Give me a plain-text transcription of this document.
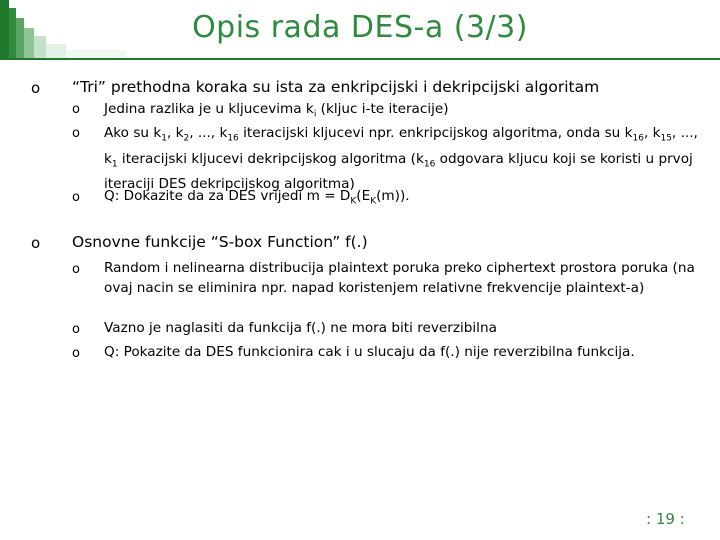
Opis rada DES-a (3/3)
o “Tri” prethodna koraka su ista za enkripcijski i dekripcijski algoritam
o Jedina razlika je u kljucevima $k_i$ (kljuc i-te iteracije)
o Ako su $k_1$, $k_2$, ..., $k_{16}$ iteracijski kljucevi npr. enkripcijskog algoritma, onda su $k_{16}$, $k_{15}$, ..., $k_1$ iteracijski kljucevi dekripcijskog algoritma ($k_{16}$ odgovara kljucu koji se koristi u prvoj iteraciji DES dekripcijskog algoritma)
o Q: Dokazite da za DES vrijedi $m = D_K(E_K(m))$.
o Osnovne funkcije “S-box Function” f(.)
o Random i nelinearna distribucija plaintext poruka preko ciphertext prostora poruka (na ovaj nacin se eliminira npr. napad koristenjem relativne frekvencije plaintext-a)
o Vazno je naglasiti da funkcija f(.) ne mora biti reverzibilna
o Q: Pokazite da DES funkcionira cak i u slucaju da f(.) nije reverzibilna funkcija.
: 19 :
